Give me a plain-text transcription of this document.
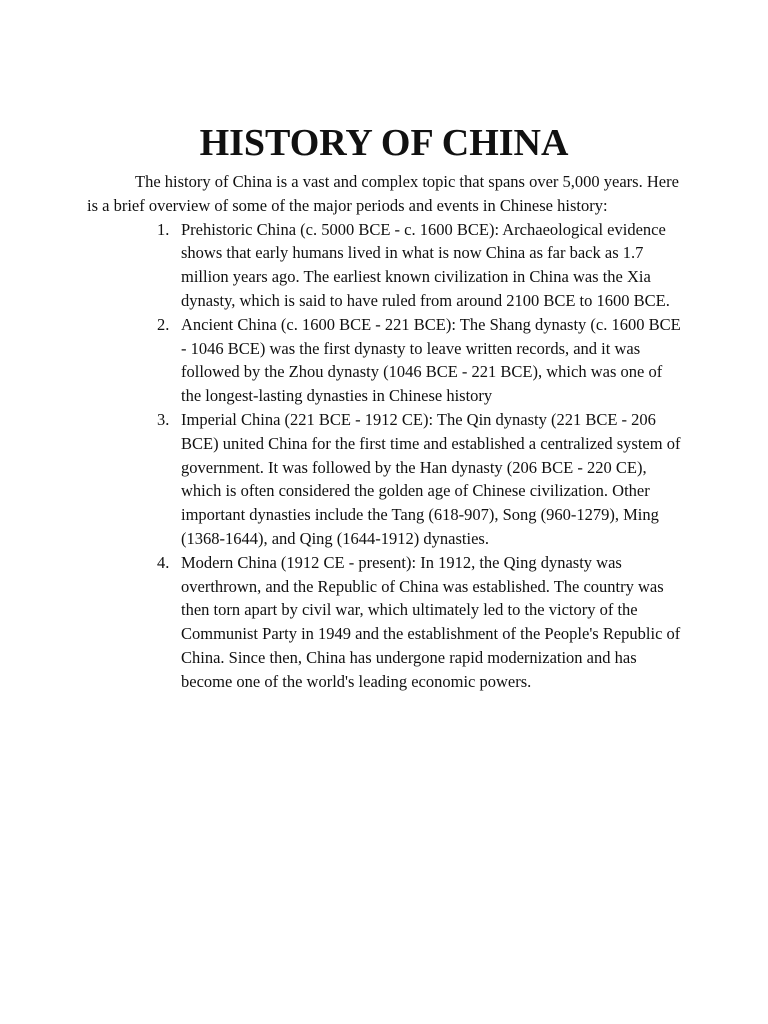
HISTORY OF CHINA

The history of China is a vast and complex topic that spans over 5,000 years. Here is a brief overview of some of the major periods and events in Chinese history:

1. Prehistoric China (c. 5000 BCE - c. 1600 BCE): Archaeological evidence shows that early humans lived in what is now China as far back as 1.7 million years ago. The earliest known civilization in China was the Xia dynasty, which is said to have ruled from around 2100 BCE to 1600 BCE.
2. Ancient China (c. 1600 BCE - 221 BCE): The Shang dynasty (c. 1600 BCE - 1046 BCE) was the first dynasty to leave written records, and it was followed by the Zhou dynasty (1046 BCE - 221 BCE), which was one of the longest-lasting dynasties in Chinese history
3. Imperial China (221 BCE - 1912 CE): The Qin dynasty (221 BCE - 206 BCE) united China for the first time and established a centralized system of government. It was followed by the Han dynasty (206 BCE - 220 CE), which is often considered the golden age of Chinese civilization. Other important dynasties include the Tang (618-907), Song (960-1279), Ming (1368-1644), and Qing (1644-1912) dynasties.
4. Modern China (1912 CE - present): In 1912, the Qing dynasty was overthrown, and the Republic of China was established. The country was then torn apart by civil war, which ultimately led to the victory of the Communist Party in 1949 and the establishment of the People's Republic of China. Since then, China has undergone rapid modernization and has become one of the world's leading economic powers.
